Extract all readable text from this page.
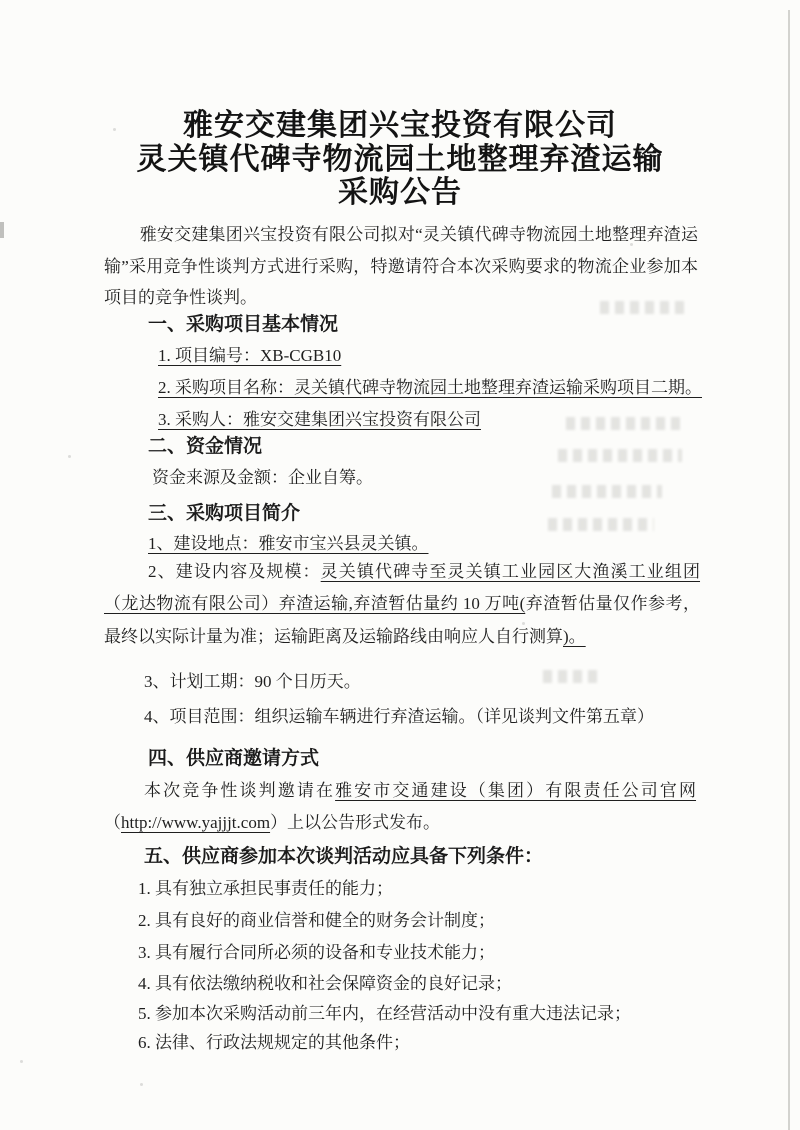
雅安交建集团兴宝投资有限公司
灵关镇代碑寺物流园土地整理弃渣运输
采购公告
雅安交建集团兴宝投资有限公司拟对“灵关镇代碑寺物流园土地整理弃渣运输”采用竞争性谈判方式进行采购，特邀请符合本次采购要求的物流企业参加本项目的竞争性谈判。
一、采购项目基本情况
1. 项目编号：XB-CGB10
2. 采购项目名称：灵关镇代碑寺物流园土地整理弃渣运输采购项目二期。
3. 采购人：雅安交建集团兴宝投资有限公司
二、资金情况
资金来源及金额：企业自筹。
三、采购项目简介
1、建设地点：雅安市宝兴县灵关镇。
2、建设内容及规模：灵关镇代碑寺至灵关镇工业园区大渔溪工业组团（龙达物流有限公司）弃渣运输,弃渣暂估量约 10 万吨(弃渣暂估量仅作参考，最终以实际计量为准；运输距离及运输路线由响应人自行测算)。
3、计划工期：90 个日历天。
4、项目范围：组织运输车辆进行弃渣运输。（详见谈判文件第五章）
四、供应商邀请方式
本次竞争性谈判邀请在雅安市交通建设（集团）有限责任公司官网（http://www.yajjjt.com）上以公告形式发布。
五、供应商参加本次谈判活动应具备下列条件：
1. 具有独立承担民事责任的能力；
2. 具有良好的商业信誉和健全的财务会计制度；
3. 具有履行合同所必须的设备和专业技术能力；
4. 具有依法缴纳税收和社会保障资金的良好记录；
5. 参加本次采购活动前三年内，在经营活动中没有重大违法记录；
6. 法律、行政法规规定的其他条件；
